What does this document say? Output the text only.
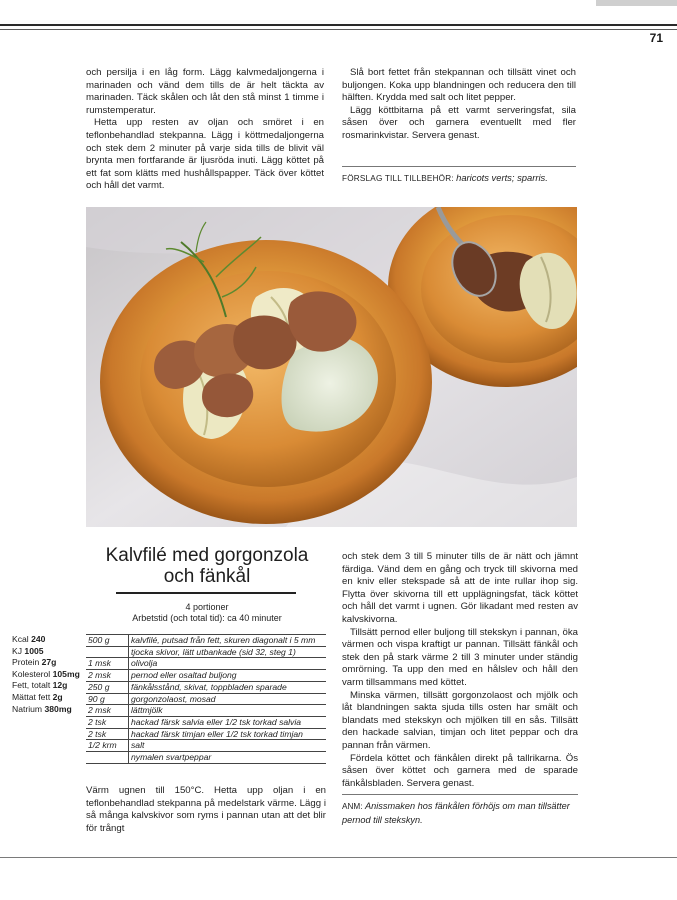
71

och persilja i en låg form. Lägg kalvmedaljongerna i marinaden och vänd dem tills de är helt täckta av marinaden. Täck skålen och låt den stå minst 1 timme i rumstemperatur.

Hetta upp resten av oljan och smöret i en teflonbehandlad stekpanna. Lägg i köttmedaljongerna och stek dem 2 minuter på varje sida tills de blivit väl brynta men fortfarande är ljusröda inuti. Lägg köttet på ett fat som klätts med hushållspapper. Täck över köttet och håll det varmt.

Slå bort fettet från stekpannan och tillsätt vinet och buljongen. Koka upp blandningen och reducera den till hälften. Krydda med salt och litet pepper.

Lägg köttbitarna på ett varmt serveringsfat, sila såsen över och garnera eventuellt med fler rosmarinkvistar. Servera genast.

FÖRSLAG TILL TILLBEHÖR: haricots verts; sparris.
Kalvfilé med gorgonzola
och fänkål
4 portioner
Arbetstid (och total tid): ca 40 minuter
Kcal 240
KJ 1005
Protein 27g
Kolesterol 105mg
Fett, totalt 12g
Mättat fett 2g
Natrium 380mg
500 g	kalvfilé, putsad från fett, skuren diagonalt i 5 mm
	tjocka skivor, lätt utbankade (sid 32, steg 1)
1 msk	olivolja
2 msk	pernod eller osaltad buljong
250 g	fänkålsstånd, skivat, toppbladen sparade
90 g	gorgonzolaost, mosad
2 msk	lättmjölk
2 tsk	hackad färsk salvia eller 1/2 tsk torkad salvia
2 tsk	hackad färsk timjan eller 1/2 tsk torkad timjan
1/2 krm	salt
	nymalen svartpeppar

Värm ugnen till 150°C. Hetta upp oljan i en teflonbehandlad stekpanna på medelstark värme. Lägg i så många kalvskivor som ryms i pannan utan att det blir för trångt

och stek dem 3 till 5 minuter tills de är nätt och jämnt färdiga. Vänd dem en gång och tryck till skivorna med en kniv eller stekspade så att de inte rullar ihop sig. Flytta över skivorna till ett upplägningsfat, täck köttet och håll det varmt i ugnen. Gör likadant med resten av kalvskivorna.

Tillsätt pernod eller buljong till stekskyn i pannan, öka värmen och vispa kraftigt ur pannan. Tillsätt fänkål och stek den på stark värme 2 till 3 minuter under ständig omrörning. Ta upp den med en hålslev och håll den varm tillsammans med köttet.

Minska värmen, tillsätt gorgonzolaost och mjölk och låt blandningen sakta sjuda tills osten har smält och blandats med stekskyn och mjölken till en sås. Tillsätt den hackade salvian, timjan och litet peppar och dra pannan från värmen.

Fördela köttet och fänkålen direkt på tallrikarna. Ös såsen över köttet och garnera med de sparade fänkålsbladen. Servera genast.

ANM: Anissmaken hos fänkålen förhöjs om man tillsätter pernod till stekskyn.
